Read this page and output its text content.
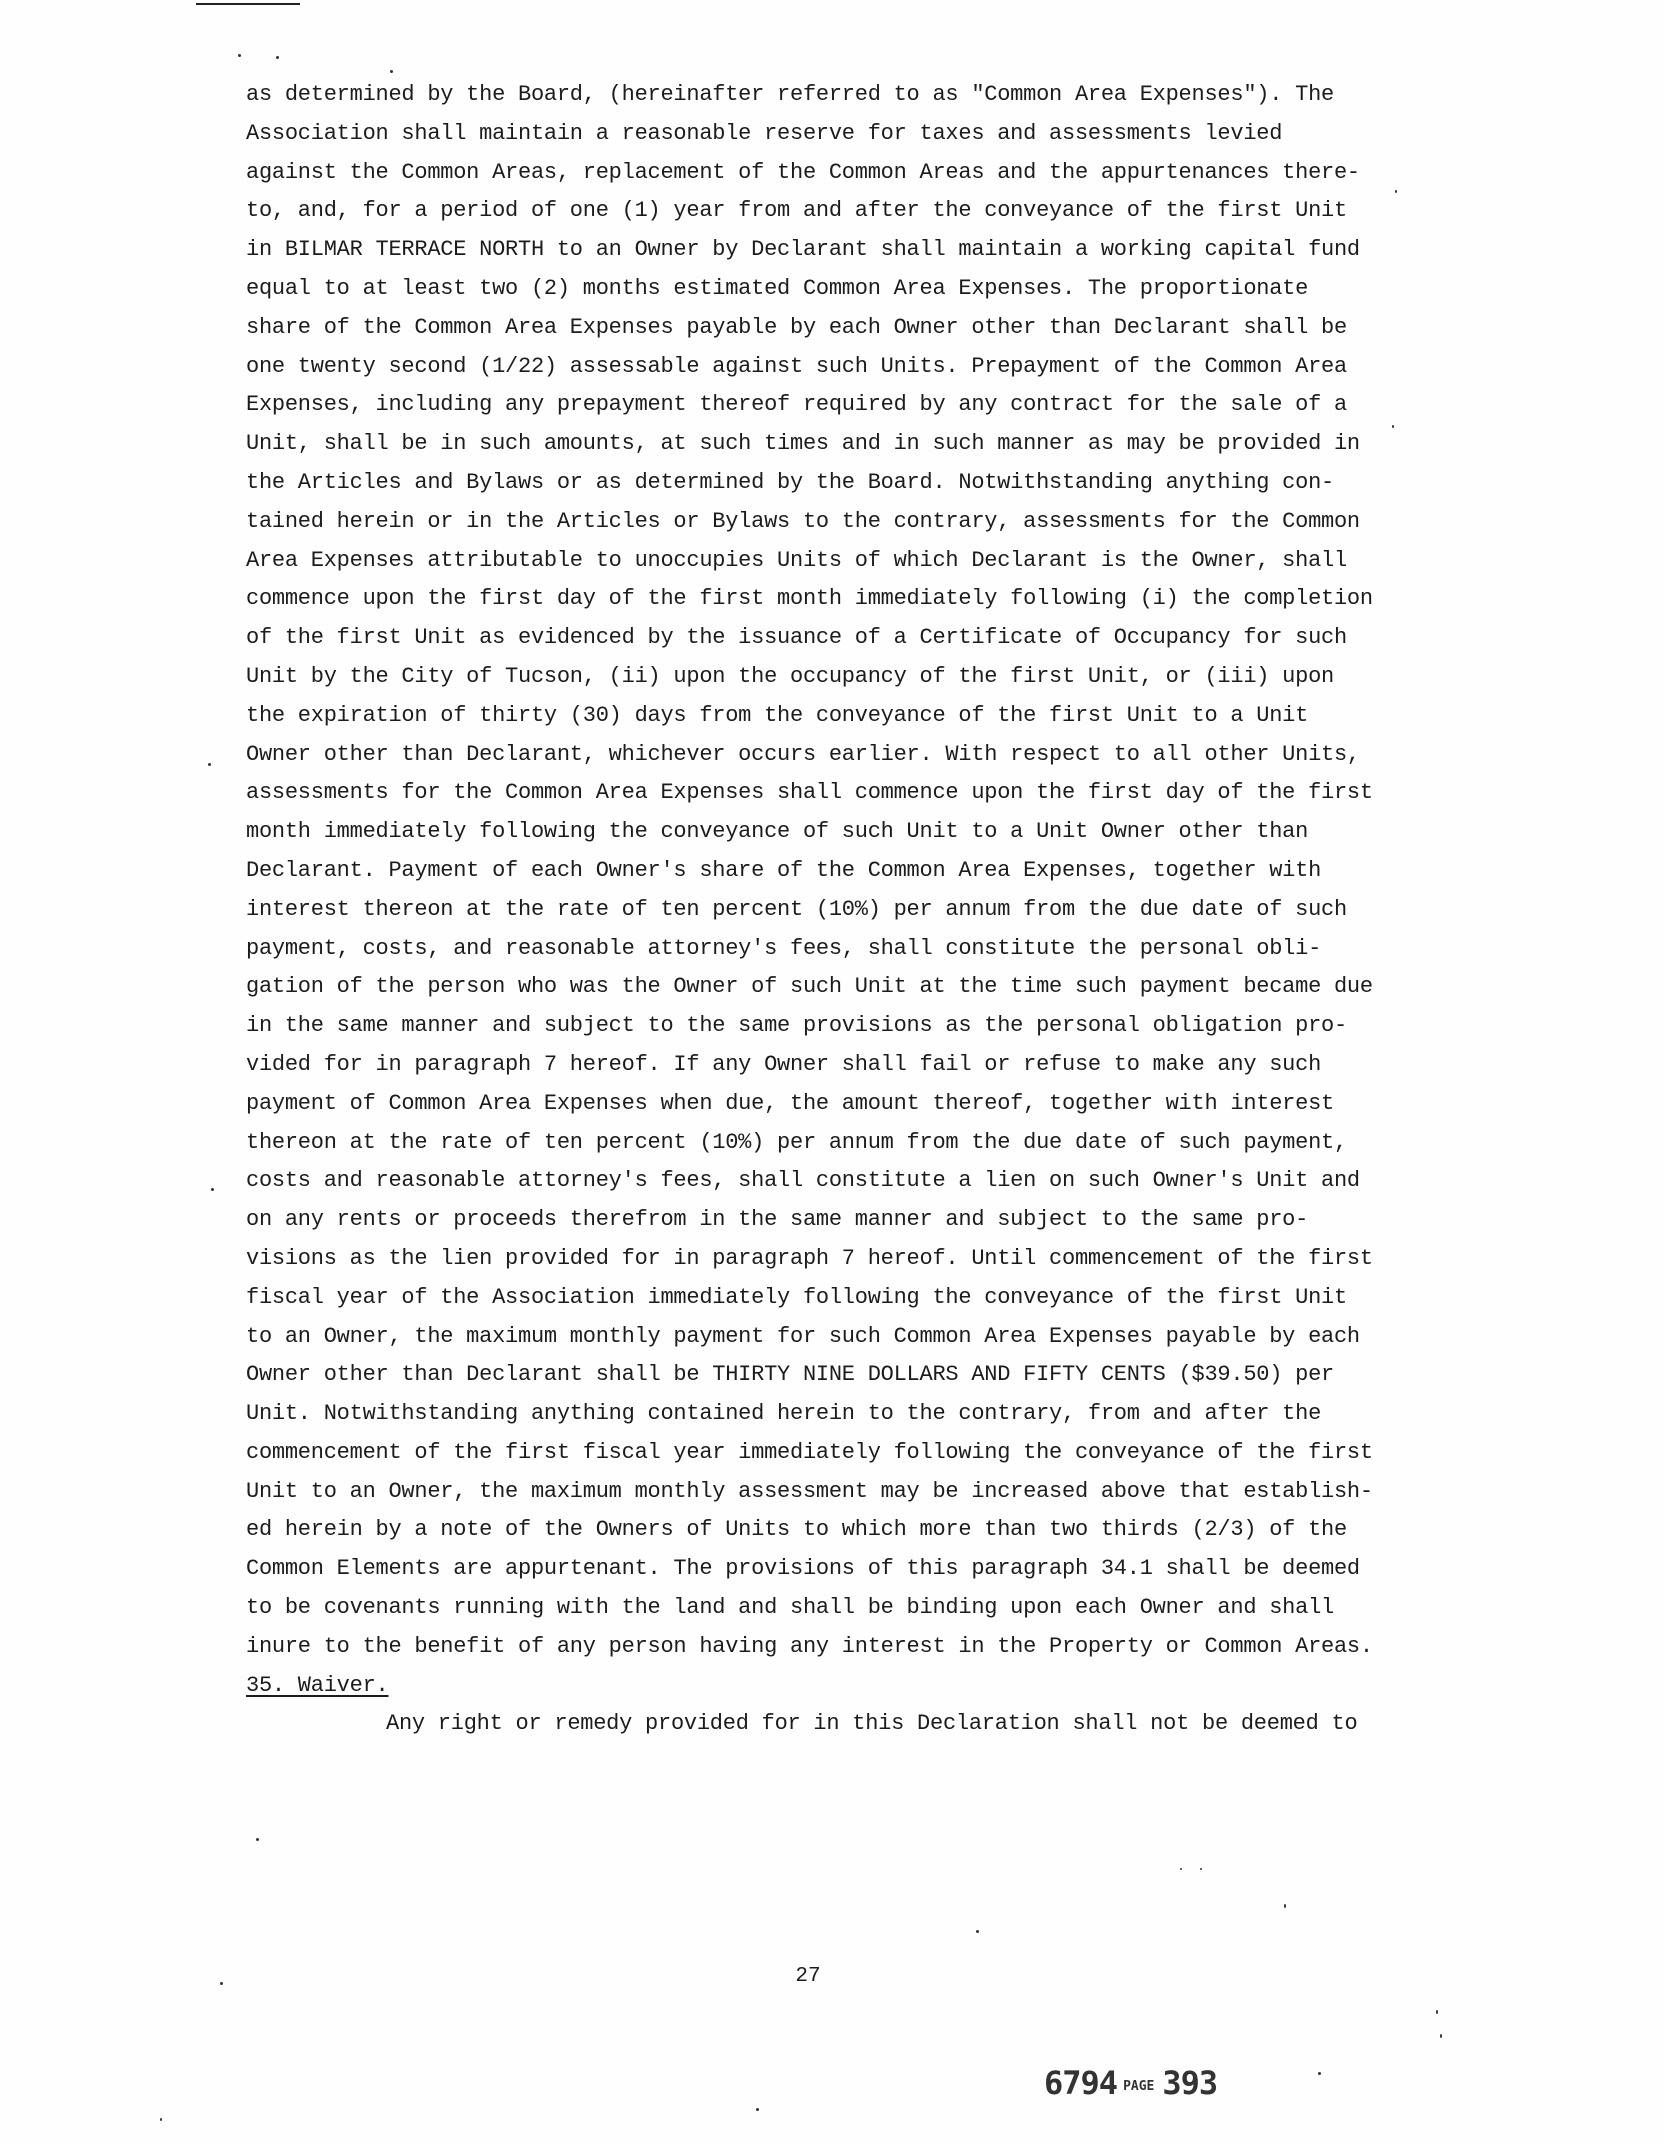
as determined by the Board, (hereinafter referred to as "Common Area Expenses"). The
Association shall maintain a reasonable reserve for taxes and assessments levied
against the Common Areas, replacement of the Common Areas and the appurtenances there-
to, and, for a period of one (1) year from and after the conveyance of the first Unit
in BILMAR TERRACE NORTH to an Owner by Declarant shall maintain a working capital fund
equal to at least two (2) months estimated Common Area Expenses. The proportionate
share of the Common Area Expenses payable by each Owner other than Declarant shall be
one twenty second (1/22) assessable against such Units. Prepayment of the Common Area
Expenses, including any prepayment thereof required by any contract for the sale of a
Unit, shall be in such amounts, at such times and in such manner as may be provided in
the Articles and Bylaws or as determined by the Board. Notwithstanding anything con-
tained herein or in the Articles or Bylaws to the contrary, assessments for the Common
Area Expenses attributable to unoccupies Units of which Declarant is the Owner, shall
commence upon the first day of the first month immediately following (i) the completion
of the first Unit as evidenced by the issuance of a Certificate of Occupancy for such
Unit by the City of Tucson, (ii) upon the occupancy of the first Unit, or (iii) upon
the expiration of thirty (30) days from the conveyance of the first Unit to a Unit
Owner other than Declarant, whichever occurs earlier. With respect to all other Units,
assessments for the Common Area Expenses shall commence upon the first day of the first
month immediately following the conveyance of such Unit to a Unit Owner other than
Declarant. Payment of each Owner's share of the Common Area Expenses, together with
interest thereon at the rate of ten percent (10%) per annum from the due date of such
payment, costs, and reasonable attorney's fees, shall constitute the personal obli-
gation of the person who was the Owner of such Unit at the time such payment became due
in the same manner and subject to the same provisions as the personal obligation pro-
vided for in paragraph 7 hereof. If any Owner shall fail or refuse to make any such
payment of Common Area Expenses when due, the amount thereof, together with interest
thereon at the rate of ten percent (10%) per annum from the due date of such payment,
costs and reasonable attorney's fees, shall constitute a lien on such Owner's Unit and
on any rents or proceeds therefrom in the same manner and subject to the same pro-
visions as the lien provided for in paragraph 7 hereof. Until commencement of the first
fiscal year of the Association immediately following the conveyance of the first Unit
to an Owner, the maximum monthly payment for such Common Area Expenses payable by each
Owner other than Declarant shall be THIRTY NINE DOLLARS AND FIFTY CENTS ($39.50) per
Unit. Notwithstanding anything contained herein to the contrary, from and after the
commencement of the first fiscal year immediately following the conveyance of the first
Unit to an Owner, the maximum monthly assessment may be increased above that establish-
ed herein by a note of the Owners of Units to which more than two thirds (2/3) of the
Common Elements are appurtenant. The provisions of this paragraph 34.1 shall be deemed
to be covenants running with the land and shall be binding upon each Owner and shall
inure to the benefit of any person having any interest in the Property or Common Areas.
35. Waiver.
Any right or remedy provided for in this Declaration shall not be deemed to
27
6794 $^{PAGE}$ 393
